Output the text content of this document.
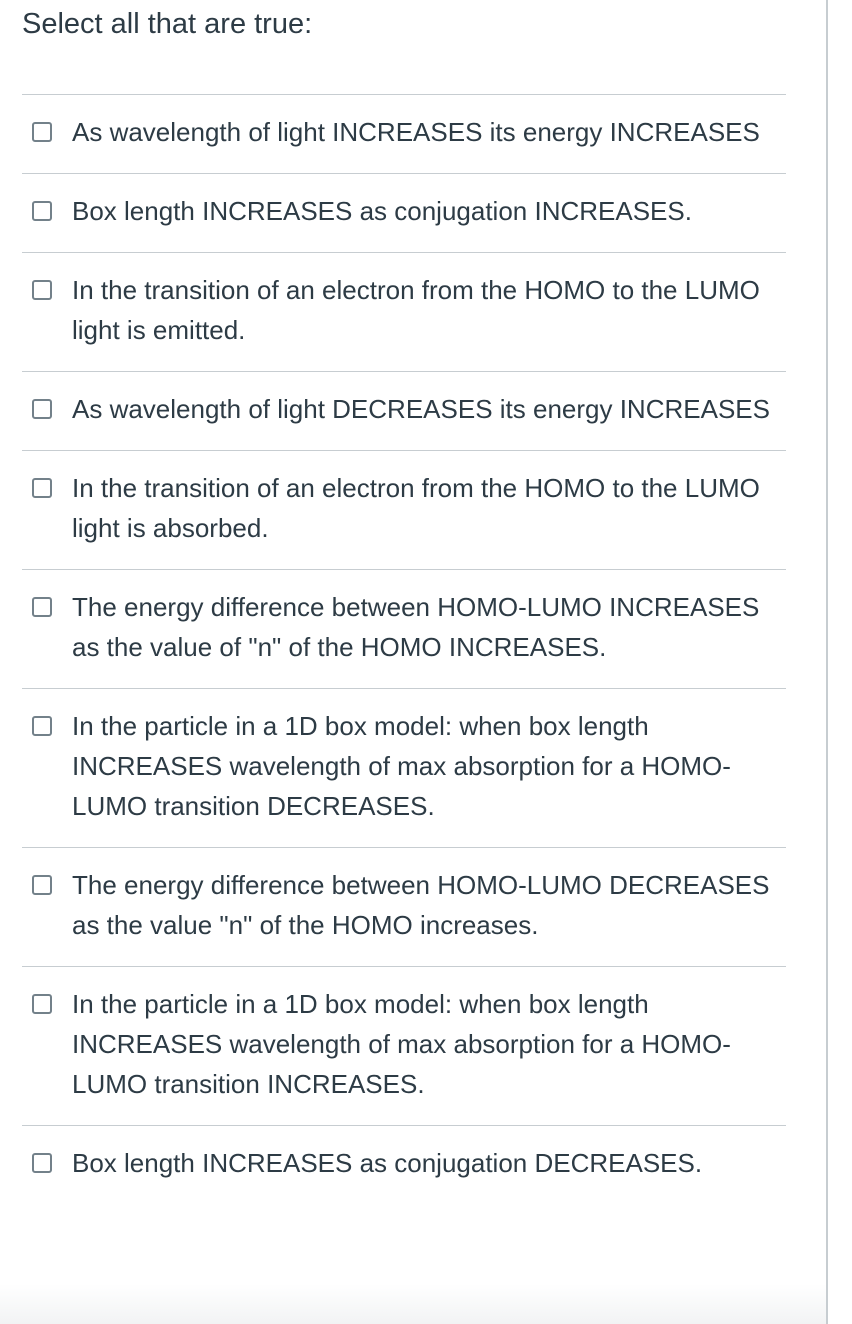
Select all that are true:
As wavelength of light INCREASES its energy INCREASES
Box length INCREASES as conjugation INCREASES.
In the transition of an electron from the HOMO to the LUMO light is emitted.
As wavelength of light DECREASES its energy INCREASES
In the transition of an electron from the HOMO to the LUMO light is absorbed.
The energy difference between HOMO-LUMO INCREASES as the value of "n" of the HOMO INCREASES.
In the particle in a 1D box model: when box length INCREASES wavelength of max absorption for a HOMO-LUMO transition DECREASES.
The energy difference between HOMO-LUMO DECREASES as the value "n" of the HOMO increases.
In the particle in a 1D box model: when box length INCREASES wavelength of max absorption for a HOMO-LUMO transition INCREASES.
Box length INCREASES as conjugation DECREASES.
